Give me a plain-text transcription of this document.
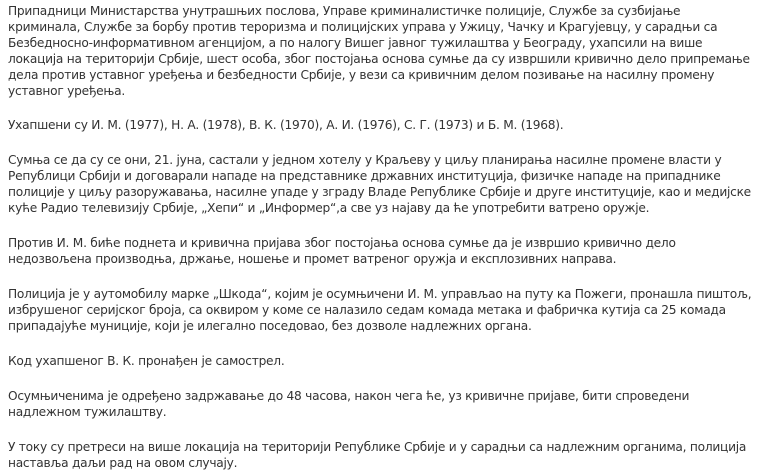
Припадници Министарства унутрашњих послова, Управе криминалистичке полиције, Службе за сузбијање криминала, Службе за борбу против тероризма и полицијских управа у Ужицу, Чачку и Крагујевцу, у сарадњи са Безбедносно-информативном агенцијом, а по налогу Вишег јавног тужилаштва у Београду, ухапсили на више локација на територији Србије, шест особа, због постојања основа сумње да су извршили кривично дело припремање дела против уставног уређења и безбедности Србије, у вези са кривичним делом позивање на насилну промену уставног уређења.

Ухапшени су И. М. (1977), Н. А. (1978), В. К. (1970), А. И. (1976), С. Г. (1973) и Б. М. (1968).

Сумња се да су се они, 21. јуна, састали у једном хотелу у Краљеву у циљу планирања насилне промене власти у Републици Србији и договарали нападе на представнике државних институција, физичке нападе на припаднике полиције у циљу разоружавања, насилне упаде у зграду Владе Републике Србије и друге институције, као и медијске куће Радио телевизију Србије, „Хепи“ и „Информер“,а све уз најаву да ће употребити ватрено оружје.

Против И. М. биће поднета и кривична пријава због постојања основа сумње да је извршио кривично дело недозвољена производња, држање, ношење и промет ватреног оружја и експлозивних направа.

Полиција је у аутомобилу марке „Шкода“, којим је осумњичени И. М. управљао на путу ка Пожеги, пронашла пиштољ, избрушеног серијског броја, са оквиром у коме се налазило седам комада метака и фабричка кутија са 25 комада припадајуће муниције, који је илегално поседовао, без дозволе надлежних органа.

Код ухапшеног В. К. пронађен је самострел.

Осумњиченима је одређено задржавање до 48 часова, након чега ће, уз кривичне пријаве, бити спроведени надлежном тужилаштву.

У току су претреси на више локација на територији Републике Србије и у сарадњи са надлежним органима, полиција наставља даљи рад на овом случају.
